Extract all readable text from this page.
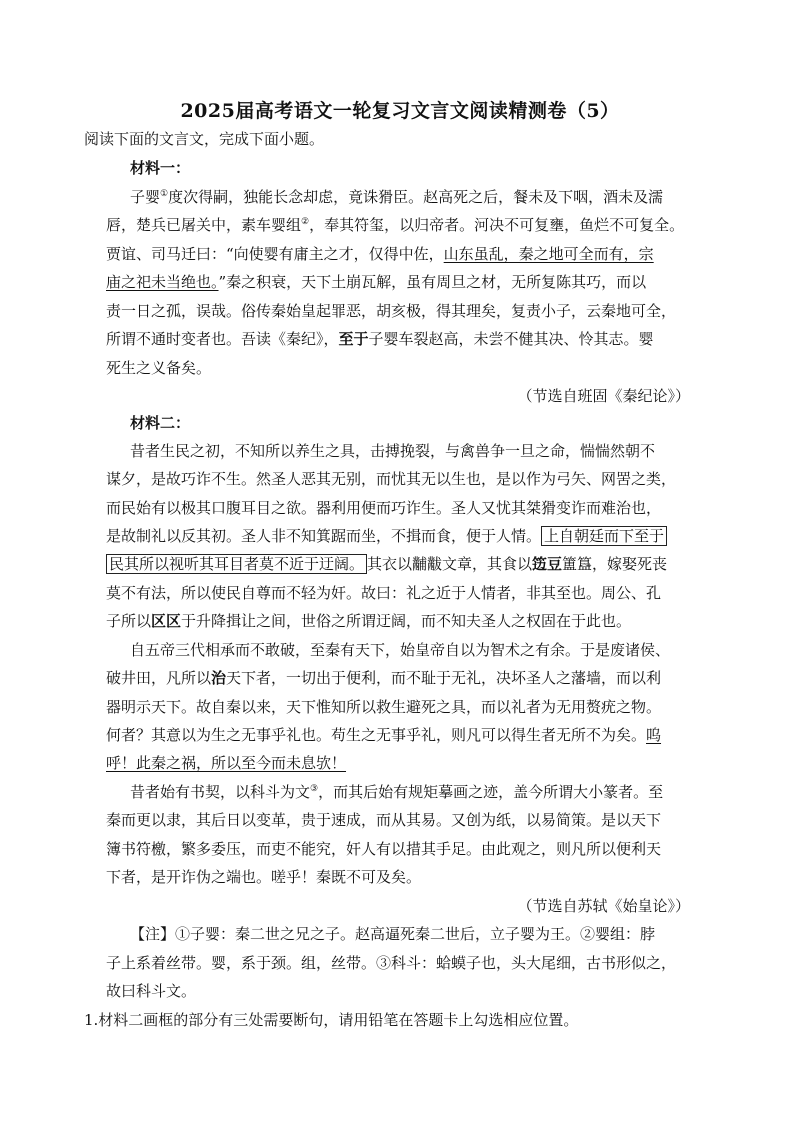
2025届高考语文一轮复习文言文阅读精测卷（5）
阅读下面的文言文，完成下面小题。
材料一：
子婴①度次得嗣，独能长念却虑，竟诛猾臣。赵高死之后，餐未及下咽，酒未及濡
唇，楚兵已屠关中，素车婴组②，奉其符玺，以归帝者。河决不可复壅，鱼烂不可复全。
贾谊、司马迁曰：“向使婴有庸主之才，仅得中佐，山东虽乱，秦之地可全而有，宗
庙之祀未当绝也。”秦之积衰，天下土崩瓦解，虽有周旦之材，无所复陈其巧，而以
责一日之孤，误哉。俗传秦始皇起罪恶，胡亥极，得其理矣，复责小子，云秦地可全，
所谓不通时变者也。吾读《秦纪》，至于子婴车裂赵高，未尝不健其决、怜其志。婴
死生之义备矣。
（节选自班固《秦纪论》）
材料二：
昔者生民之初，不知所以养生之具，击搏挽裂，与禽兽争一旦之命，惴惴然朝不
谋夕，是故巧诈不生。然圣人恶其无别，而忧其无以生也，是以作为弓矢、网罟之类，
而民始有以极其口腹耳目之欲。器利用便而巧诈生。圣人又忧其桀猾变诈而难治也，
是故制礼以反其初。圣人非不知箕踞而坐，不揖而食，便于人情。 上自朝廷而下至于
民其所以视听其耳目者莫不近于迂阔。 其衣以黼黻文章，其食以笾豆簠簋，嫁娶死丧
莫不有法，所以使民自尊而不轻为奸。故曰：礼之近于人情者，非其至也。周公、孔
子所以区区于升降揖让之间，世俗之所谓迂阔，而不知夫圣人之权固在于此也。
自五帝三代相承而不敢破，至秦有天下，始皇帝自以为智术之有余。于是废诸侯、
破井田，凡所以治天下者，一切出于便利，而不耻于无礼，决坏圣人之藩墙，而以利
器明示天下。故自秦以来，天下惟知所以救生避死之具，而以礼者为无用赘疣之物。
何者？其意以为生之无事乎礼也。苟生之无事乎礼，则凡可以得生者无所不为矣。呜
呼！此秦之祸，所以至今而未息欤！
昔者始有书契，以科斗为文③，而其后始有规矩摹画之迹，盖今所谓大小篆者。至
秦而更以隶，其后日以变革，贵于速成，而从其易。又创为纸，以易简策。是以天下
簿书符檄，繁多委压，而吏不能究，奸人有以措其手足。由此观之，则凡所以便利天
下者，是开诈伪之端也。嗟乎！秦既不可及矣。
（节选自苏轼《始皇论》）
【注】①子婴：秦二世之兄之子。赵高逼死秦二世后，立子婴为王。②婴组：脖
子上系着丝带。婴，系于颈。组，丝带。③科斗：蛤蟆子也，头大尾细，古书形似之，
故曰科斗文。
1.材料二画框的部分有三处需要断句，请用铅笔在答题卡上勾选相应位置。
